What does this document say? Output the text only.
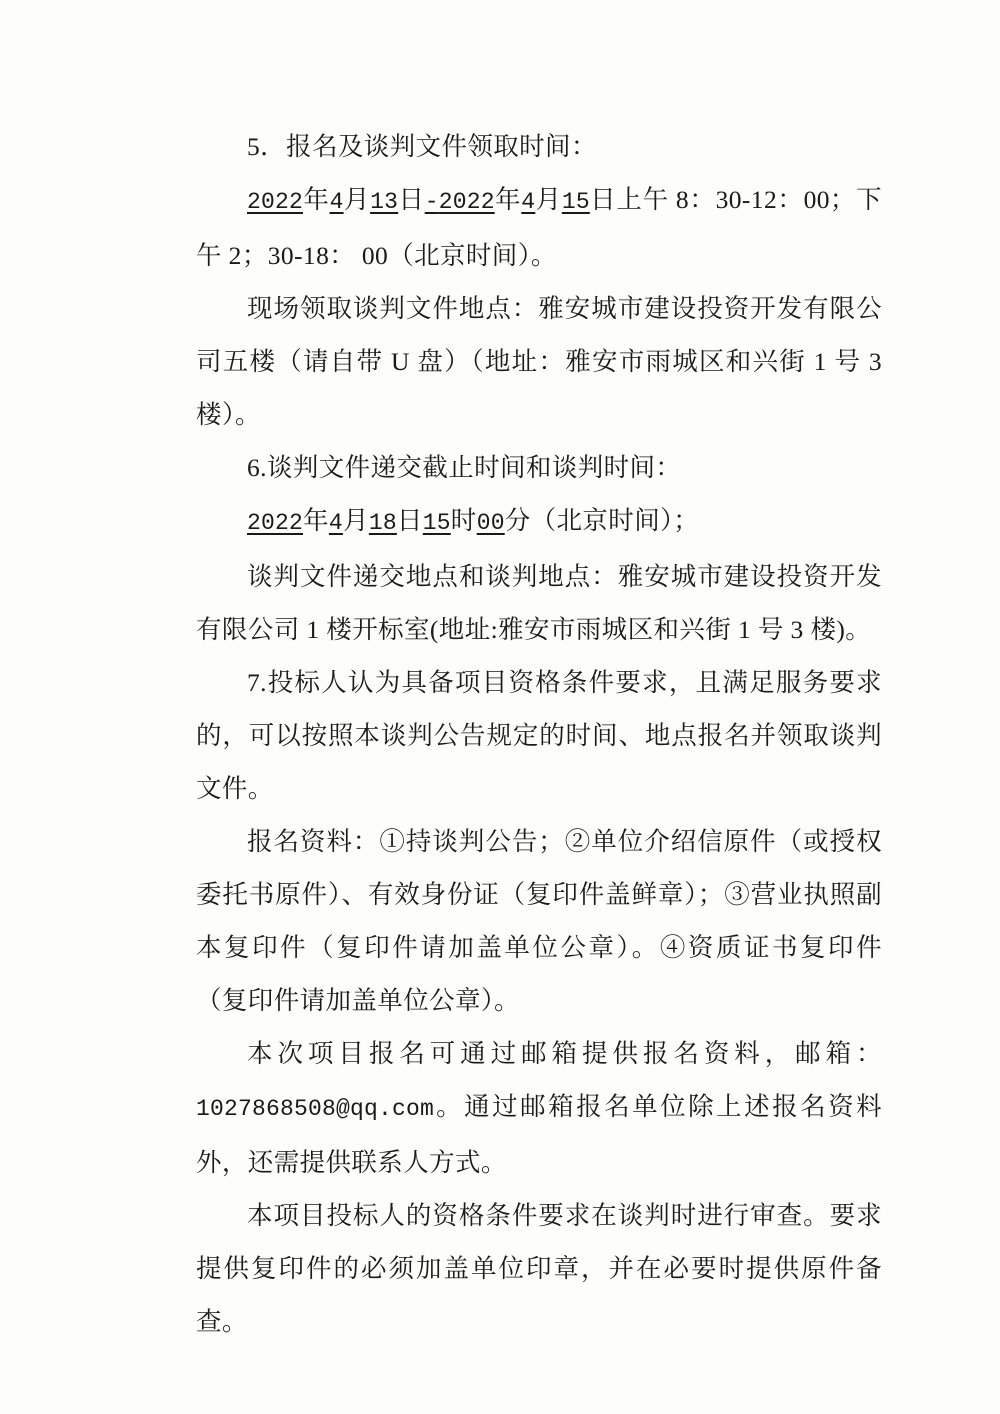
5．报名及谈判文件领取时间：

2022年4月13日-2022年4月15日上午 8：30-12：00；下午 2；30-18： 00（北京时间）。

现场领取谈判文件地点：雅安城市建设投资开发有限公司五楼（请自带 U 盘）（地址：雅安市雨城区和兴街 1 号 3 楼）。

6.谈判文件递交截止时间和谈判时间：

2022年4月18日15时00分（北京时间）；

谈判文件递交地点和谈判地点：雅安城市建设投资开发有限公司 1 楼开标室(地址:雅安市雨城区和兴街 1 号 3 楼)。

7.投标人认为具备项目资格条件要求，且满足服务要求的，可以按照本谈判公告规定的时间、地点报名并领取谈判文件。

报名资料：①持谈判公告；②单位介绍信原件（或授权委托书原件）、有效身份证（复印件盖鲜章）；③营业执照副本复印件（复印件请加盖单位公章）。④资质证书复印件（复印件请加盖单位公章）。

本次项目报名可通过邮箱提供报名资料，邮箱：1027868508@qq.com。通过邮箱报名单位除上述报名资料外，还需提供联系人方式。

本项目投标人的资格条件要求在谈判时进行审查。要求提供复印件的必须加盖单位印章，并在必要时提供原件备查。
